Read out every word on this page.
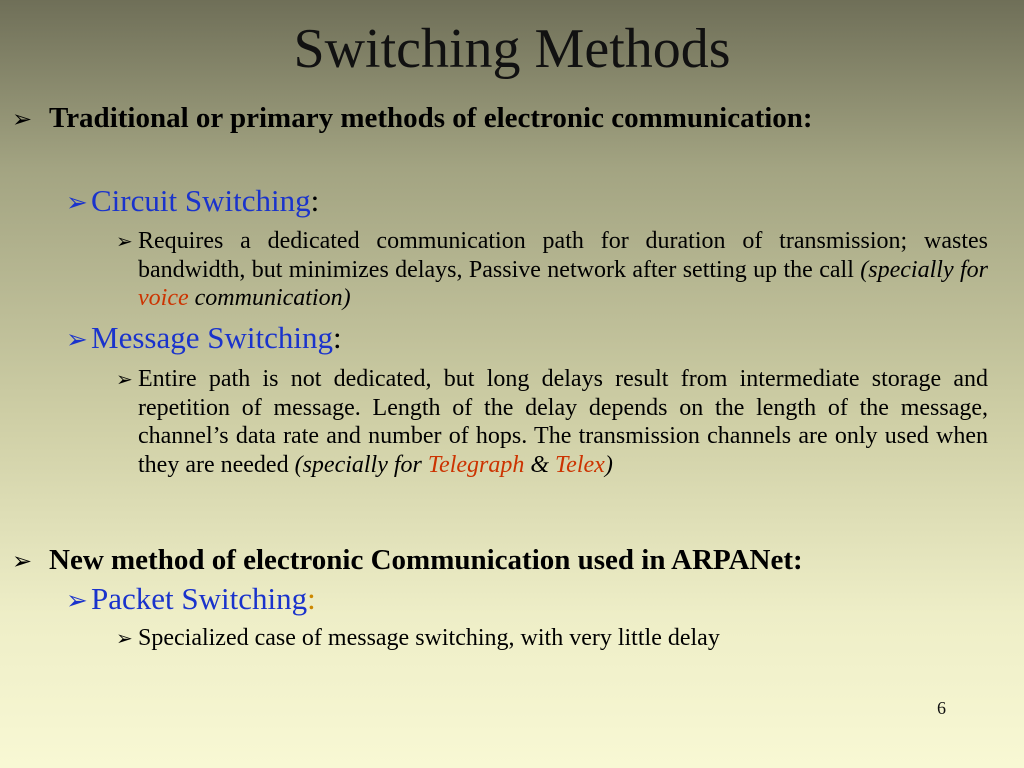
Switching Methods
➢ Traditional or primary methods of electronic communication:
➢ Circuit Switching:
➢ Requires a dedicated communication path for duration of transmission; wastes bandwidth, but minimizes delays, Passive network after setting up the call (specially for voice communication)
➢ Message Switching:
➢ Entire path is not dedicated, but long delays result from intermediate storage and repetition of message. Length of the delay depends on the length of the message, channel’s data rate and number of hops. The transmission channels are only used when they are needed (specially for Telegraph & Telex)
➢ New method of electronic Communication used in ARPANet:
➢ Packet Switching:
➢ Specialized case of message switching, with very little delay
6
